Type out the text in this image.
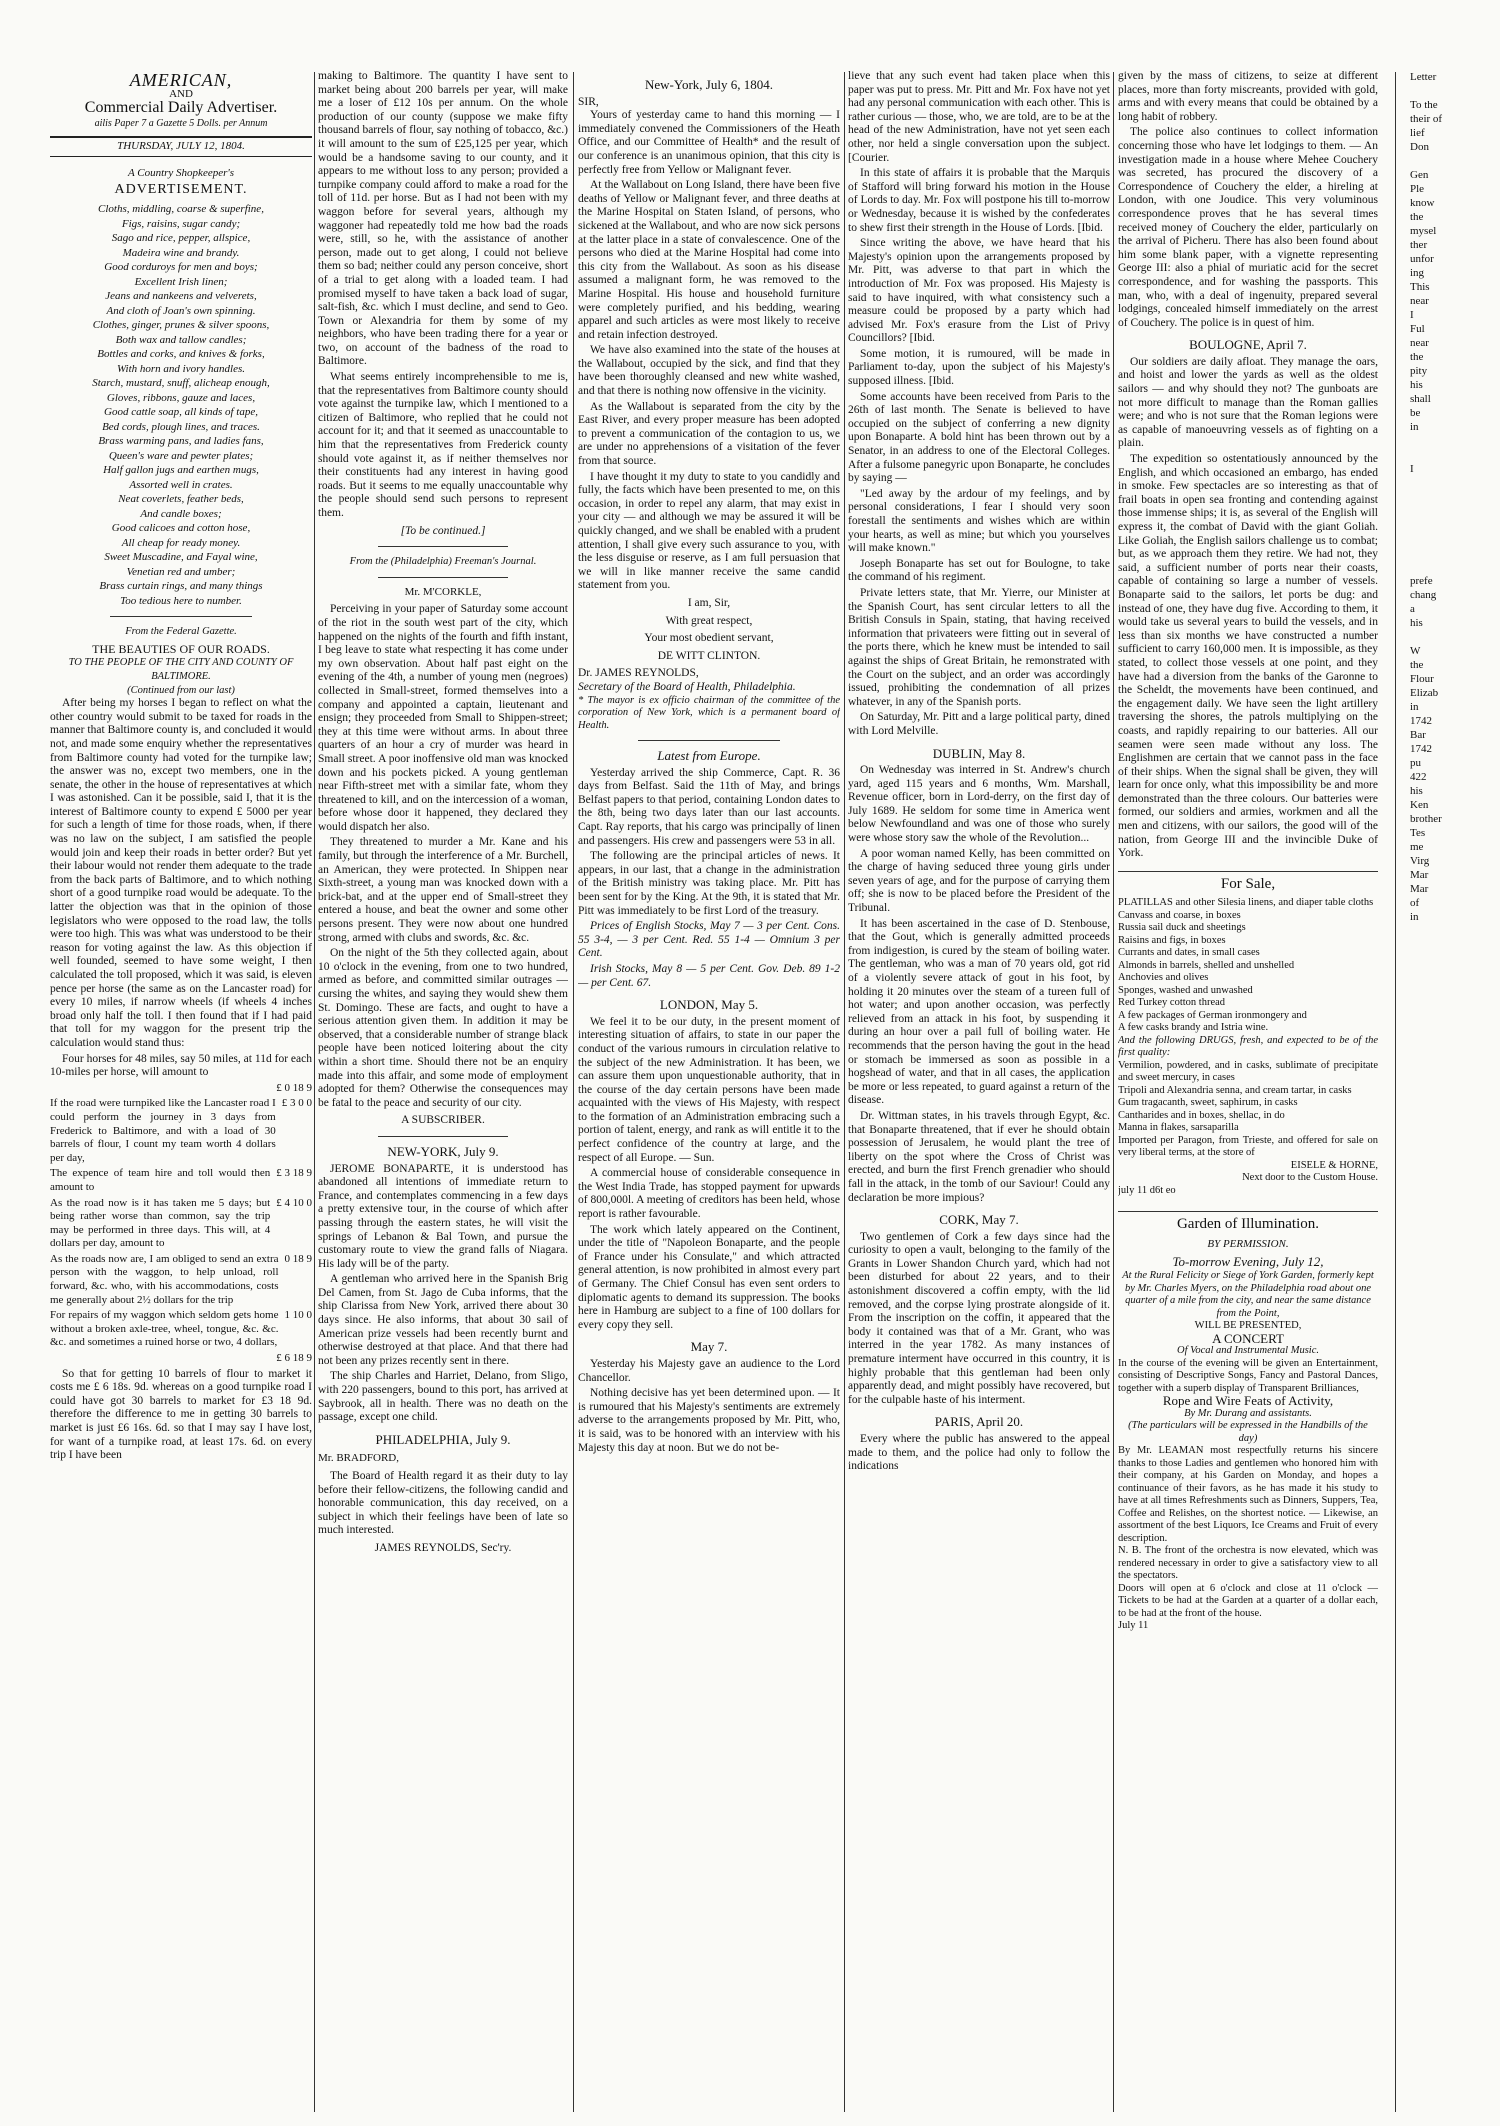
AMERICAN,
AND
Commercial Daily Advertiser.
ailis Paper 7 a Gazette 5 Dolls. per Annum
THURSDAY, JULY 12, 1804.
A Country Shopkeeper's
ADVERTISEMENT.
Cloths, middling, coarse & superfine,
Figs, raisins, sugar candy;
Sago and rice, pepper, allspice,
Madeira wine and brandy.
Good corduroys for men and boys;
Excellent Irish linen;
Jeans and nankeens and velverets,
And cloth of Joan's own spinning.
Clothes, ginger, prunes & silver spoons,
Both wax and tallow candles;
Bottles and corks, and knives & forks,
With horn and ivory handles.
Starch, mustard, snuff, alicheap enough,
Gloves, ribbons, gauze and laces,
Good cattle soap, all kinds of tape,
Bed cords, plough lines, and traces.
Brass warming pans, and ladies fans,
Queen's ware and pewter plates;
Half gallon jugs and earthen mugs,
Assorted well in crates.
Neat coverlets, feather beds,
And candle boxes;
Good calicoes and cotton hose,
All cheap for ready money.
Sweet Muscadine, and Fayal wine,
Venetian red and umber;
Brass curtain rings, and many things
Too tedious here to number.
From the Federal Gazette.
THE BEAUTIES OF OUR ROADS.
TO THE PEOPLE OF THE CITY AND COUNTY OF BALTIMORE.
(Continued from our last)

After being my horses I began to reflect on what the other country would submit to be taxed for roads in the manner that Baltimore county is, and concluded it would not, and made some enquiry whether the representatives from Baltimore county had voted for the turnpike law; the answer was no, except two members, one in the senate, the other in the house of representatives at which I was astonished. Can it be possible, said I, that it is the interest of Baltimore county to expend £ 5000 per year for such a length of time for those roads, when, if there was no law on the subject, I am satisfied the people would join and keep their roads in better order? But yet their labour would not render them adequate to the trade from the back parts of Baltimore, and to which nothing short of a good turnpike road would be adequate. To the latter the objection was that in the opinion of those legislators who were opposed to the road law, the tolls were too high. This was what was understood to be their reason for voting against the law. As this objection if well founded, seemed to have some weight, I then calculated the toll proposed, which it was said, is eleven pence per horse (the same as on the Lancaster road) for every 10 miles, if narrow wheels (if wheels 4 inches broad only half the toll. I then found that if I had paid that toll for my waggon for the present trip the calculation would stand thus:

Four horses for 48 miles, say 50 miles, at 11d for each 10-miles per horse, will amount to

£ 0 18 9
If the road were turnpiked like the Lancaster road I could perform the journey in 3 days from Frederick to Baltimore, and with a load of 30 barrels of flour, I count my team worth 4 dollars per day,
£ 3 0 0
The expence of team hire and toll would then amount to
£ 3 18 9
As the road now is it has taken me 5 days; but being rather worse than common, say the trip may be performed in three days. This will, at 4 dollars per day, amount to
£ 4 10 0
As the roads now are, I am obliged to send an extra person with the waggon, to help unload, roll forward, &c. who, with his accommodations, costs me generally about 2½ dollars for the trip
0 18 9
For repairs of my waggon which seldom gets home without a broken axle-tree, wheel, tongue, &c. &c. &c. and sometimes a ruined horse or two, 4 dollars,
1 10 0
£ 6 18 9

So that for getting 10 barrels of flour to market it costs me £ 6 18s. 9d. whereas on a good turnpike road I could have got 30 barrels to market for £3 18 9d. therefore the difference to me in getting 30 barrels to market is just £6 16s. 6d. so that I may say I have lost, for want of a turnpike road, at least 17s. 6d. on every trip I have been

making to Baltimore. The quantity I have sent to market being about 200 barrels per year, will make me a loser of £12 10s per annum. On the whole production of our county (suppose we make fifty thousand barrels of flour, say nothing of tobacco, &c.) it will amount to the sum of £25,125 per year, which would be a handsome saving to our county, and it appears to me without loss to any person; provided a turnpike company could afford to make a road for the toll of 11d. per horse. But as I had not been with my waggon before for several years, although my waggoner had repeatedly told me how bad the roads were, still, so he, with the assistance of another person, made out to get along, I could not believe them so bad; neither could any person conceive, short of a trial to get along with a loaded team. I had promised myself to have taken a back load of sugar, salt-fish, &c. which I must decline, and send to Geo. Town or Alexandria for them by some of my neighbors, who have been trading there for a year or two, on account of the badness of the road to Baltimore.

What seems entirely incomprehensible to me is, that the representatives from Baltimore county should vote against the turnpike law, which I mentioned to a citizen of Baltimore, who replied that he could not account for it; and that it seemed as unaccountable to him that the representatives from Frederick county should vote against it, as if neither themselves nor their constituents had any interest in having good roads. But it seems to me equally unaccountable why the people should send such persons to represent them.

[To be continued.]
From the (Philadelphia) Freeman's Journal.
Mr. M'CORKLE,

Perceiving in your paper of Saturday some account of the riot in the south west part of the city, which happened on the nights of the fourth and fifth instant, I beg leave to state what respecting it has come under my own observation. About half past eight on the evening of the 4th, a number of young men (negroes) collected in Small-street, formed themselves into a company and appointed a captain, lieutenant and ensign; they proceeded from Small to Shippen-street; they at this time were without arms. In about three quarters of an hour a cry of murder was heard in Small street. A poor inoffensive old man was knocked down and his pockets picked. A young gentleman near Fifth-street met with a similar fate, whom they threatened to kill, and on the intercession of a woman, before whose door it happened, they declared they would dispatch her also.

They threatened to murder a Mr. Kane and his family, but through the interference of a Mr. Burchell, an American, they were protected. In Shippen near Sixth-street, a young man was knocked down with a brick-bat, and at the upper end of Small-street they entered a house, and beat the owner and some other persons present. They were now about one hundred strong, armed with clubs and swords, &c. &c.

On the night of the 5th they collected again, about 10 o'clock in the evening, from one to two hundred, armed as before, and committed similar outrages — cursing the whites, and saying they would shew them St. Domingo. These are facts, and ought to have a serious attention given them. In addition it may be observed, that a considerable number of strange black people have been noticed loitering about the city within a short time. Should there not be an enquiry made into this affair, and some mode of employment adopted for them? Otherwise the consequences may be fatal to the peace and security of our city.

A SUBSCRIBER.
NEW-YORK, July 9.

JEROME BONAPARTE, it is understood has abandoned all intentions of immediate return to France, and contemplates commencing in a few days a pretty extensive tour, in the course of which after passing through the eastern states, he will visit the springs of Lebanon & Bal Town, and pursue the customary route to view the grand falls of Niagara. His lady will be of the party.

A gentleman who arrived here in the Spanish Brig Del Camen, from St. Jago de Cuba informs, that the ship Clarissa from New York, arrived there about 30 days since. He also informs, that about 30 sail of American prize vessels had been recently burnt and otherwise destroyed at that place. And that there had not been any prizes recently sent in there.

The ship Charles and Harriet, Delano, from Sligo, with 220 passengers, bound to this port, has arrived at Saybrook, all in health. There was no death on the passage, except one child.

PHILADELPHIA, July 9.
Mr. BRADFORD,

The Board of Health regard it as their duty to lay before their fellow-citizens, the following candid and honorable communication, this day received, on a subject in which their feelings have been of late so much interested.

JAMES REYNOLDS, Sec'ry.
New-York, July 6, 1804.
SIR,

Yours of yesterday came to hand this morning — I immediately convened the Commissioners of the Heath Office, and our Committee of Health* and the result of our conference is an unanimous opinion, that this city is perfectly free from Yellow or Malignant fever.

At the Wallabout on Long Island, there have been five deaths of Yellow or Malignant fever, and three deaths at the Marine Hospital on Staten Island, of persons, who sickened at the Wallabout, and who are now sick persons at the latter place in a state of convalescence. One of the persons who died at the Marine Hospital had come into this city from the Wallabout. As soon as his disease assumed a malignant form, he was removed to the Marine Hospital. His house and household furniture were completely purified, and his bedding, wearing apparel and such articles as were most likely to receive and retain infection destroyed.

We have also examined into the state of the houses at the Wallabout, occupied by the sick, and find that they have been thoroughly cleansed and new white washed, and that there is nothing now offensive in the vicinity.

As the Wallabout is separated from the city by the East River, and every proper measure has been adopted to prevent a communication of the contagion to us, we are under no apprehensions of a visitation of the fever from that source.

I have thought it my duty to state to you candidly and fully, the facts which have been presented to me, on this occasion, in order to repel any alarm, that may exist in your city — and although we may be assured it will be quickly changed, and we shall be enabled with a prudent attention, I shall give every such assurance to you, with the less disguise or reserve, as I am full persuasion that we will in like manner receive the same candid statement from you.

I am, Sir,
With great respect,
Your most obedient servant,
DE WITT CLINTON.
Dr. JAMES REYNOLDS,
Secretary of the Board of Health, Philadelphia.
* The mayor is ex officio chairman of the committee of the corporation of New York, which is a permanent board of Health.
Latest from Europe.

Yesterday arrived the ship Commerce, Capt. R. 36 days from Belfast. Said the 11th of May, and brings Belfast papers to that period, containing London dates to the 8th, being two days later than our last accounts. Capt. Ray reports, that his cargo was principally of linen and passengers. His crew and passengers were 53 in all.

The following are the principal articles of news. It appears, in our last, that a change in the administration of the British ministry was taking place. Mr. Pitt has been sent for by the King. At the 9th, it is stated that Mr. Pitt was immediately to be first Lord of the treasury.

Prices of English Stocks, May 7 — 3 per Cent. Cons. 55 3-4, — 3 per Cent. Red. 55 1-4 — Omnium 3 per Cent.

Irish Stocks, May 8 — 5 per Cent. Gov. Deb. 89 1-2 — per Cent. 67.

LONDON, May 5.

We feel it to be our duty, in the present moment of interesting situation of affairs, to state in our paper the conduct of the various rumours in circulation relative to the subject of the new Administration. It has been, we can assure them upon unquestionable authority, that in the course of the day certain persons have been made acquainted with the views of His Majesty, with respect to the formation of an Administration embracing such a portion of talent, energy, and rank as will entitle it to the perfect confidence of the country at large, and the respect of all Europe. — Sun.

A commercial house of considerable consequence in the West India Trade, has stopped payment for upwards of 800,000l. A meeting of creditors has been held, whose report is rather favourable.

The work which lately appeared on the Continent, under the title of "Napoleon Bonaparte, and the people of France under his Consulate," and which attracted general attention, is now prohibited in almost every part of Germany. The Chief Consul has even sent orders to diplomatic agents to demand its suppression. The books here in Hamburg are subject to a fine of 100 dollars for every copy they sell.

May 7.

Yesterday his Majesty gave an audience to the Lord Chancellor.

Nothing decisive has yet been determined upon. — It is rumoured that his Majesty's sentiments are extremely adverse to the arrangements proposed by Mr. Pitt, who, it is said, was to be honored with an interview with his Majesty this day at noon. But we do not be-

lieve that any such event had taken place when this paper was put to press. Mr. Pitt and Mr. Fox have not yet had any personal communication with each other. This is rather curious — those, who, we are told, are to be at the head of the new Administration, have not yet seen each other, nor held a single conversation upon the subject. [Courier.

In this state of affairs it is probable that the Marquis of Stafford will bring forward his motion in the House of Lords to day. Mr. Fox will postpone his till to-morrow or Wednesday, because it is wished by the confederates to shew first their strength in the House of Lords. [Ibid.

Since writing the above, we have heard that his Majesty's opinion upon the arrangements proposed by Mr. Pitt, was adverse to that part in which the introduction of Mr. Fox was proposed. His Majesty is said to have inquired, with what consistency such a measure could be proposed by a party which had advised Mr. Fox's erasure from the List of Privy Councillors? [Ibid.

Some motion, it is rumoured, will be made in Parliament to-day, upon the subject of his Majesty's supposed illness. [Ibid.

Some accounts have been received from Paris to the 26th of last month. The Senate is believed to have occupied on the subject of conferring a new dignity upon Bonaparte. A bold hint has been thrown out by a Senator, in an address to one of the Electoral Colleges. After a fulsome panegyric upon Bonaparte, he concludes by saying —

"Led away by the ardour of my feelings, and by personal considerations, I fear I should very soon forestall the sentiments and wishes which are within your hearts, as well as mine; but which you yourselves will make known."

Joseph Bonaparte has set out for Boulogne, to take the command of his regiment.

Private letters state, that Mr. Yierre, our Minister at the Spanish Court, has sent circular letters to all the British Consuls in Spain, stating, that having received information that privateers were fitting out in several of the ports there, which he knew must be intended to sail against the ships of Great Britain, he remonstrated with the Court on the subject, and an order was accordingly issued, prohibiting the condemnation of all prizes whatever, in any of the Spanish ports.

On Saturday, Mr. Pitt and a large political party, dined with Lord Melville.

DUBLIN, May 8.

On Wednesday was interred in St. Andrew's church yard, aged 115 years and 6 months, Wm. Marshall, Revenue officer, born in Lord-derry, on the first day of July 1689. He seldom for some time in America went below Newfoundland and was one of those who surely were whose story saw the whole of the Revolution...

A poor woman named Kelly, has been committed on the charge of having seduced three young girls under seven years of age, and for the purpose of carrying them off; she is now to be placed before the President of the Tribunal.

It has been ascertained in the case of D. Stenbouse, that the Gout, which is generally admitted proceeds from indigestion, is cured by the steam of boiling water. The gentleman, who was a man of 70 years old, got rid of a violently severe attack of gout in his foot, by holding it 20 minutes over the steam of a tureen full of hot water; and upon another occasion, was perfectly relieved from an attack in his foot, by suspending it during an hour over a pail full of boiling water. He recommends that the person having the gout in the head or stomach be immersed as soon as possible in a hogshead of water, and that in all cases, the application be more or less repeated, to guard against a return of the disease.

Dr. Wittman states, in his travels through Egypt, &c. that Bonaparte threatened, that if ever he should obtain possession of Jerusalem, he would plant the tree of liberty on the spot where the Cross of Christ was erected, and burn the first French grenadier who should fall in the attack, in the tomb of our Saviour! Could any declaration be more impious?

CORK, May 7.

Two gentlemen of Cork a few days since had the curiosity to open a vault, belonging to the family of the Grants in Lower Shandon Church yard, which had not been disturbed for about 22 years, and to their astonishment discovered a coffin empty, with the lid removed, and the corpse lying prostrate alongside of it. From the inscription on the coffin, it appeared that the body it contained was that of a Mr. Grant, who was interred in the year 1782. As many instances of premature interment have occurred in this country, it is highly probable that this gentleman had been only apparently dead, and might possibly have recovered, but for the culpable haste of his interment.

PARIS, April 20.

Every where the public has answered to the appeal made to them, and the police had only to follow the indications

given by the mass of citizens, to seize at different places, more than forty miscreants, provided with gold, arms and with every means that could be obtained by a long habit of robbery.

The police also continues to collect information concerning those who have let lodgings to them. — An investigation made in a house where Mehee Couchery was secreted, has procured the discovery of a Correspondence of Couchery the elder, a hireling at London, with one Joudice. This very voluminous correspondence proves that he has several times received money of Couchery the elder, particularly on the arrival of Picheru. There has also been found about him some blank paper, with a vignette representing George III: also a phial of muriatic acid for the secret correspondence, and for washing the passports. This man, who, with a deal of ingenuity, prepared several lodgings, concealed himself immediately on the arrest of Couchery. The police is in quest of him.

BOULOGNE, April 7.

Our soldiers are daily afloat. They manage the oars, and hoist and lower the yards as well as the oldest sailors — and why should they not? The gunboats are not more difficult to manage than the Roman gallies were; and who is not sure that the Roman legions were as capable of manoeuvring vessels as of fighting on a plain.

The expedition so ostentatiously announced by the English, and which occasioned an embargo, has ended in smoke. Few spectacles are so interesting as that of frail boats in open sea fronting and contending against those immense ships; it is, as several of the English will express it, the combat of David with the giant Goliah. Like Goliah, the English sailors challenge us to combat; but, as we approach them they retire. We had not, they said, a sufficient number of ports near their coasts, capable of containing so large a number of vessels. Bonaparte said to the sailors, let ports be dug: and instead of one, they have dug five. According to them, it would take us several years to build the vessels, and in less than six months we have constructed a number sufficient to carry 160,000 men. It is impossible, as they stated, to collect those vessels at one point, and they have had a diversion from the banks of the Garonne to the Scheldt, the movements have been continued, and the engagement daily. We have seen the light artillery traversing the shores, the patrols multiplying on the coasts, and rapidly repairing to our batteries. All our seamen were seen made without any loss. The Englishmen are certain that we cannot pass in the face of their ships. When the signal shall be given, they will learn for once only, what this impossibility be and more demonstrated than the three colours. Our batteries were formed, our soldiers and armies, workmen and all the men and citizens, with our sailors, the good will of the nation, from George III and the invincible Duke of York.

For Sale,
PLATILLAS and other Silesia linens, and diaper table cloths
Canvass and coarse, in boxes
Russia sail duck and sheetings
Raisins and figs, in boxes
Currants and dates, in small cases
Almonds in barrels, shelled and unshelled
Anchovies and olives
Sponges, washed and unwashed
Red Turkey cotton thread
A few packages of German ironmongery and
A few casks brandy and Istria wine.
And the following DRUGS, fresh, and expected to be of the first quality:
Vermilion, powdered, and in casks, sublimate of precipitate and sweet mercury, in cases
Tripoli and Alexandria senna, and cream tartar, in casks
Gum tragacanth, sweet, saphirum, in casks
Cantharides and in boxes, shellac, in do
Manna in flakes, sarsaparilla
Imported per Paragon, from Trieste, and offered for sale on very liberal terms, at the store of
EISELE & HORNE,
Next door to the Custom House.
july 11 d6t eo
Garden of Illumination.
BY PERMISSION.
To-morrow Evening, July 12,
At the Rural Felicity or Siege of York Garden, formerly kept by Mr. Charles Myers, on the Philadelphia road about one quarter of a mile from the city, and near the same distance from the Point,
WILL BE PRESENTED,
A CONCERT
Of Vocal and Instrumental Music.
In the course of the evening will be given an Entertainment, consisting of Descriptive Songs, Fancy and Pastoral Dances, together with a superb display of Transparent Brilliances,
Rope and Wire Feats of Activity,
By Mr. Durang and assistants.
(The particulars will be expressed in the Handbills of the day)
By Mr. LEAMAN most respectfully returns his sincere thanks to those Ladies and gentlemen who honored him with their company, at his Garden on Monday, and hopes a continuance of their favors, as he has made it his study to have at all times Refreshments such as Dinners, Suppers, Tea, Coffee and Relishes, on the shortest notice. — Likewise, an assortment of the best Liquors, Ice Creams and Fruit of every description.
N. B. The front of the orchestra is now elevated, which was rendered necessary in order to give a satisfactory view to all the spectators.
Doors will open at 6 o'clock and close at 11 o'clock — Tickets to be had at the Garden at a quarter of a dollar each, to be had at the front of the house.
July 11
Letter

To the
their of
lief
Don

Gen
Ple
know
the
mysel
ther
unfor
ing
This
near
I
Ful
near
the
pity
his
shall
be
in

I

prefe
chang
a
his

W
the
Flour
Elizab
in
1742
Bar
1742
pu
422
his
Ken
brother
Tes
me
Virg
Mar
Mar
of
in
